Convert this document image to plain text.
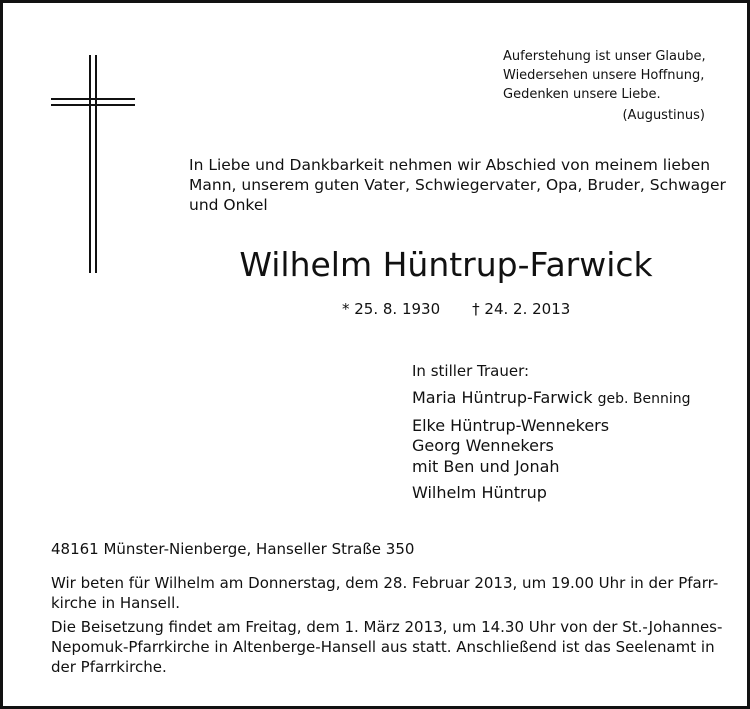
Auferstehung ist unser Glaube,
Wiedersehen unsere Hoffnung,
Gedenken unsere Liebe.
(Augustinus)
In Liebe und Dankbarkeit nehmen wir Abschied von meinem lieben
Mann, unserem guten Vater, Schwiegervater, Opa, Bruder, Schwager
und Onkel
Wilhelm Hüntrup-Farwick
* 25. 8. 1930 † 24. 2. 2013
In stiller Trauer:
Maria Hüntrup-Farwick geb. Benning
Elke Hüntrup-Wennekers
Georg Wennekers
mit Ben und Jonah
Wilhelm Hüntrup
48161 Münster-Nienberge, Hanseller Straße 350
Wir beten für Wilhelm am Donnerstag, dem 28. Februar 2013, um 19.00 Uhr in der Pfarr-
kirche in Hansell.
Die Beisetzung findet am Freitag, dem 1. März 2013, um 14.30 Uhr von der St.-Johannes-
Nepomuk-Pfarrkirche in Altenberge-Hansell aus statt. Anschließend ist das Seelenamt in
der Pfarrkirche.
